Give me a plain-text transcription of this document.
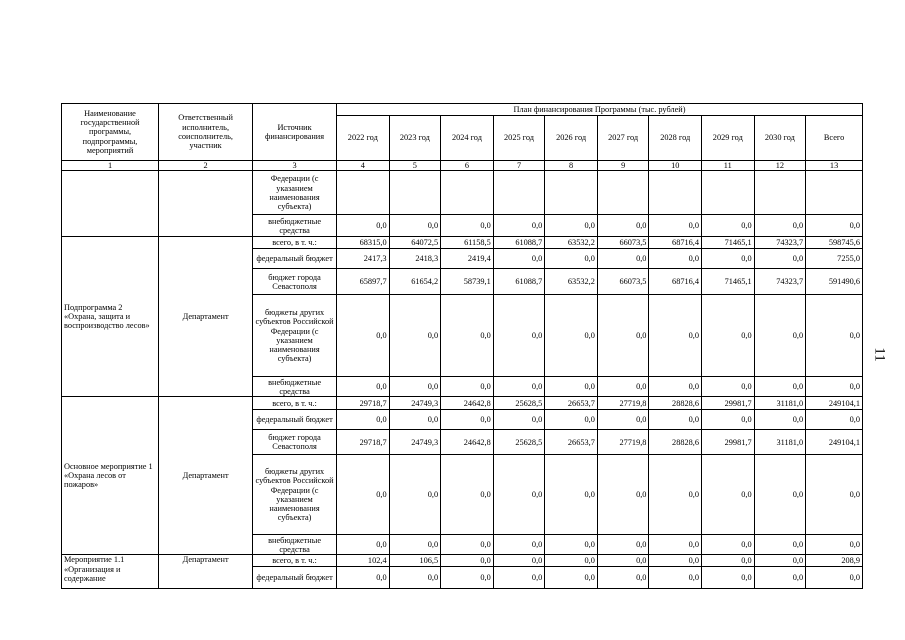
11
Наименование государственной программы, подпрограммы, мероприятий	Ответственный исполнитель, соисполнитель, участник	Источник финансирования	План финансирования Программы (тыс. рублей)									
			2022 год	2023 год	2024 год	2025 год	2026 год	2027 год	2028 год	2029 год	2030 год	Всего
1	2	3	4	5	6	7	8	9	10	11	12	13
		Федерации (с указанием наименования субъекта)										
		внебюджетные средства	0,0	0,0	0,0	0,0	0,0	0,0	0,0	0,0	0,0	0,0
Подпрограмма 2 «Охрана, защита и воспроизводство лесов»	Департамент	всего, в т. ч.:	68315,0	64072,5	61158,5	61088,7	63532,2	66073,5	68716,4	71465,1	74323,7	598745,6
		федеральный бюджет	2417,3	2418,3	2419,4	0,0	0,0	0,0	0,0	0,0	0,0	7255,0
		бюджет города Севастополя	65897,7	61654,2	58739,1	61088,7	63532,2	66073,5	68716,4	71465,1	74323,7	591490,6
		бюджеты других субъектов Российской Федерации (с указанием наименования субъекта)	0,0	0,0	0,0	0,0	0,0	0,0	0,0	0,0	0,0	0,0
		внебюджетные средства	0,0	0,0	0,0	0,0	0,0	0,0	0,0	0,0	0,0	0,0
Основное мероприятие 1 «Охрана лесов от пожаров»	Департамент	всего, в т. ч.:	29718,7	24749,3	24642,8	25628,5	26653,7	27719,8	28828,6	29981,7	31181,0	249104,1
		федеральный бюджет	0,0	0,0	0,0	0,0	0,0	0,0	0,0	0,0	0,0	0,0
		бюджет города Севастополя	29718,7	24749,3	24642,8	25628,5	26653,7	27719,8	28828,6	29981,7	31181,0	249104,1
		бюджеты других субъектов Российской Федерации (с указанием наименования субъекта)	0,0	0,0	0,0	0,0	0,0	0,0	0,0	0,0	0,0	0,0
		внебюджетные средства	0,0	0,0	0,0	0,0	0,0	0,0	0,0	0,0	0,0	0,0
Мероприятие 1.1 «Организация и содержание	Департамент	всего, в т. ч.:	102,4	106,5	0,0	0,0	0,0	0,0	0,0	0,0	0,0	208,9
		федеральный бюджет	0,0	0,0	0,0	0,0	0,0	0,0	0,0	0,0	0,0	0,0
